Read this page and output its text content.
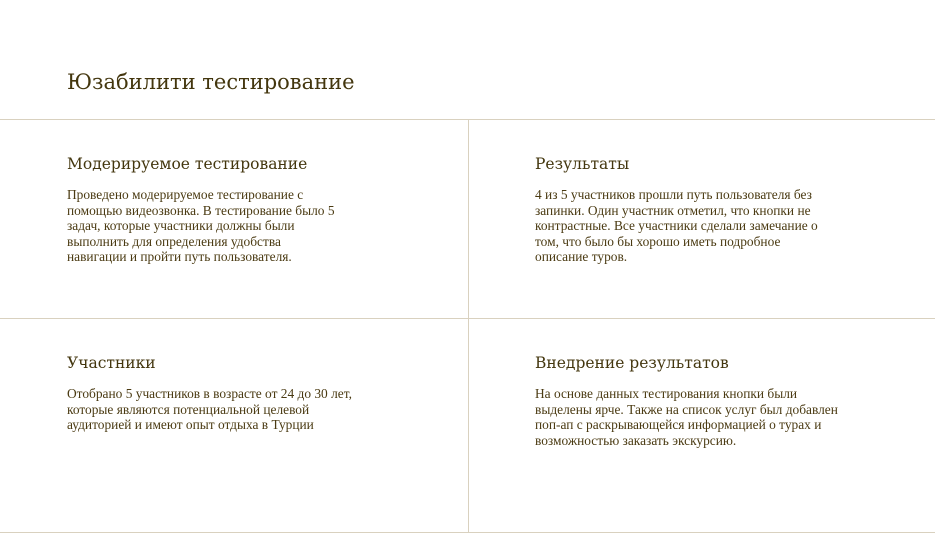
Юзабилити тестирование
Модерируемое тестирование

Проведено модерируемое тестирование с помощью видеозвонка. В тестирование было 5 задач, которые участники должны были выполнить для определения удобства навигации и пройти путь пользователя.

Результаты

4 из 5 участников прошли путь пользователя без запинки. Один участник отметил, что кнопки не контрастные. Все участники сделали замечание о том, что было бы хорошо иметь подробное описание туров.

Участники

Отобрано 5 участников в возрасте от 24 до 30 лет, которые являются потенциальной целевой аудиторией и имеют опыт отдыха в Турции

Внедрение результатов

На основе данных тестирования кнопки были выделены ярче. Также на список услуг был добавлен поп-ап с раскрывающейся информацией о турах и возможностью заказать экскурсию.
